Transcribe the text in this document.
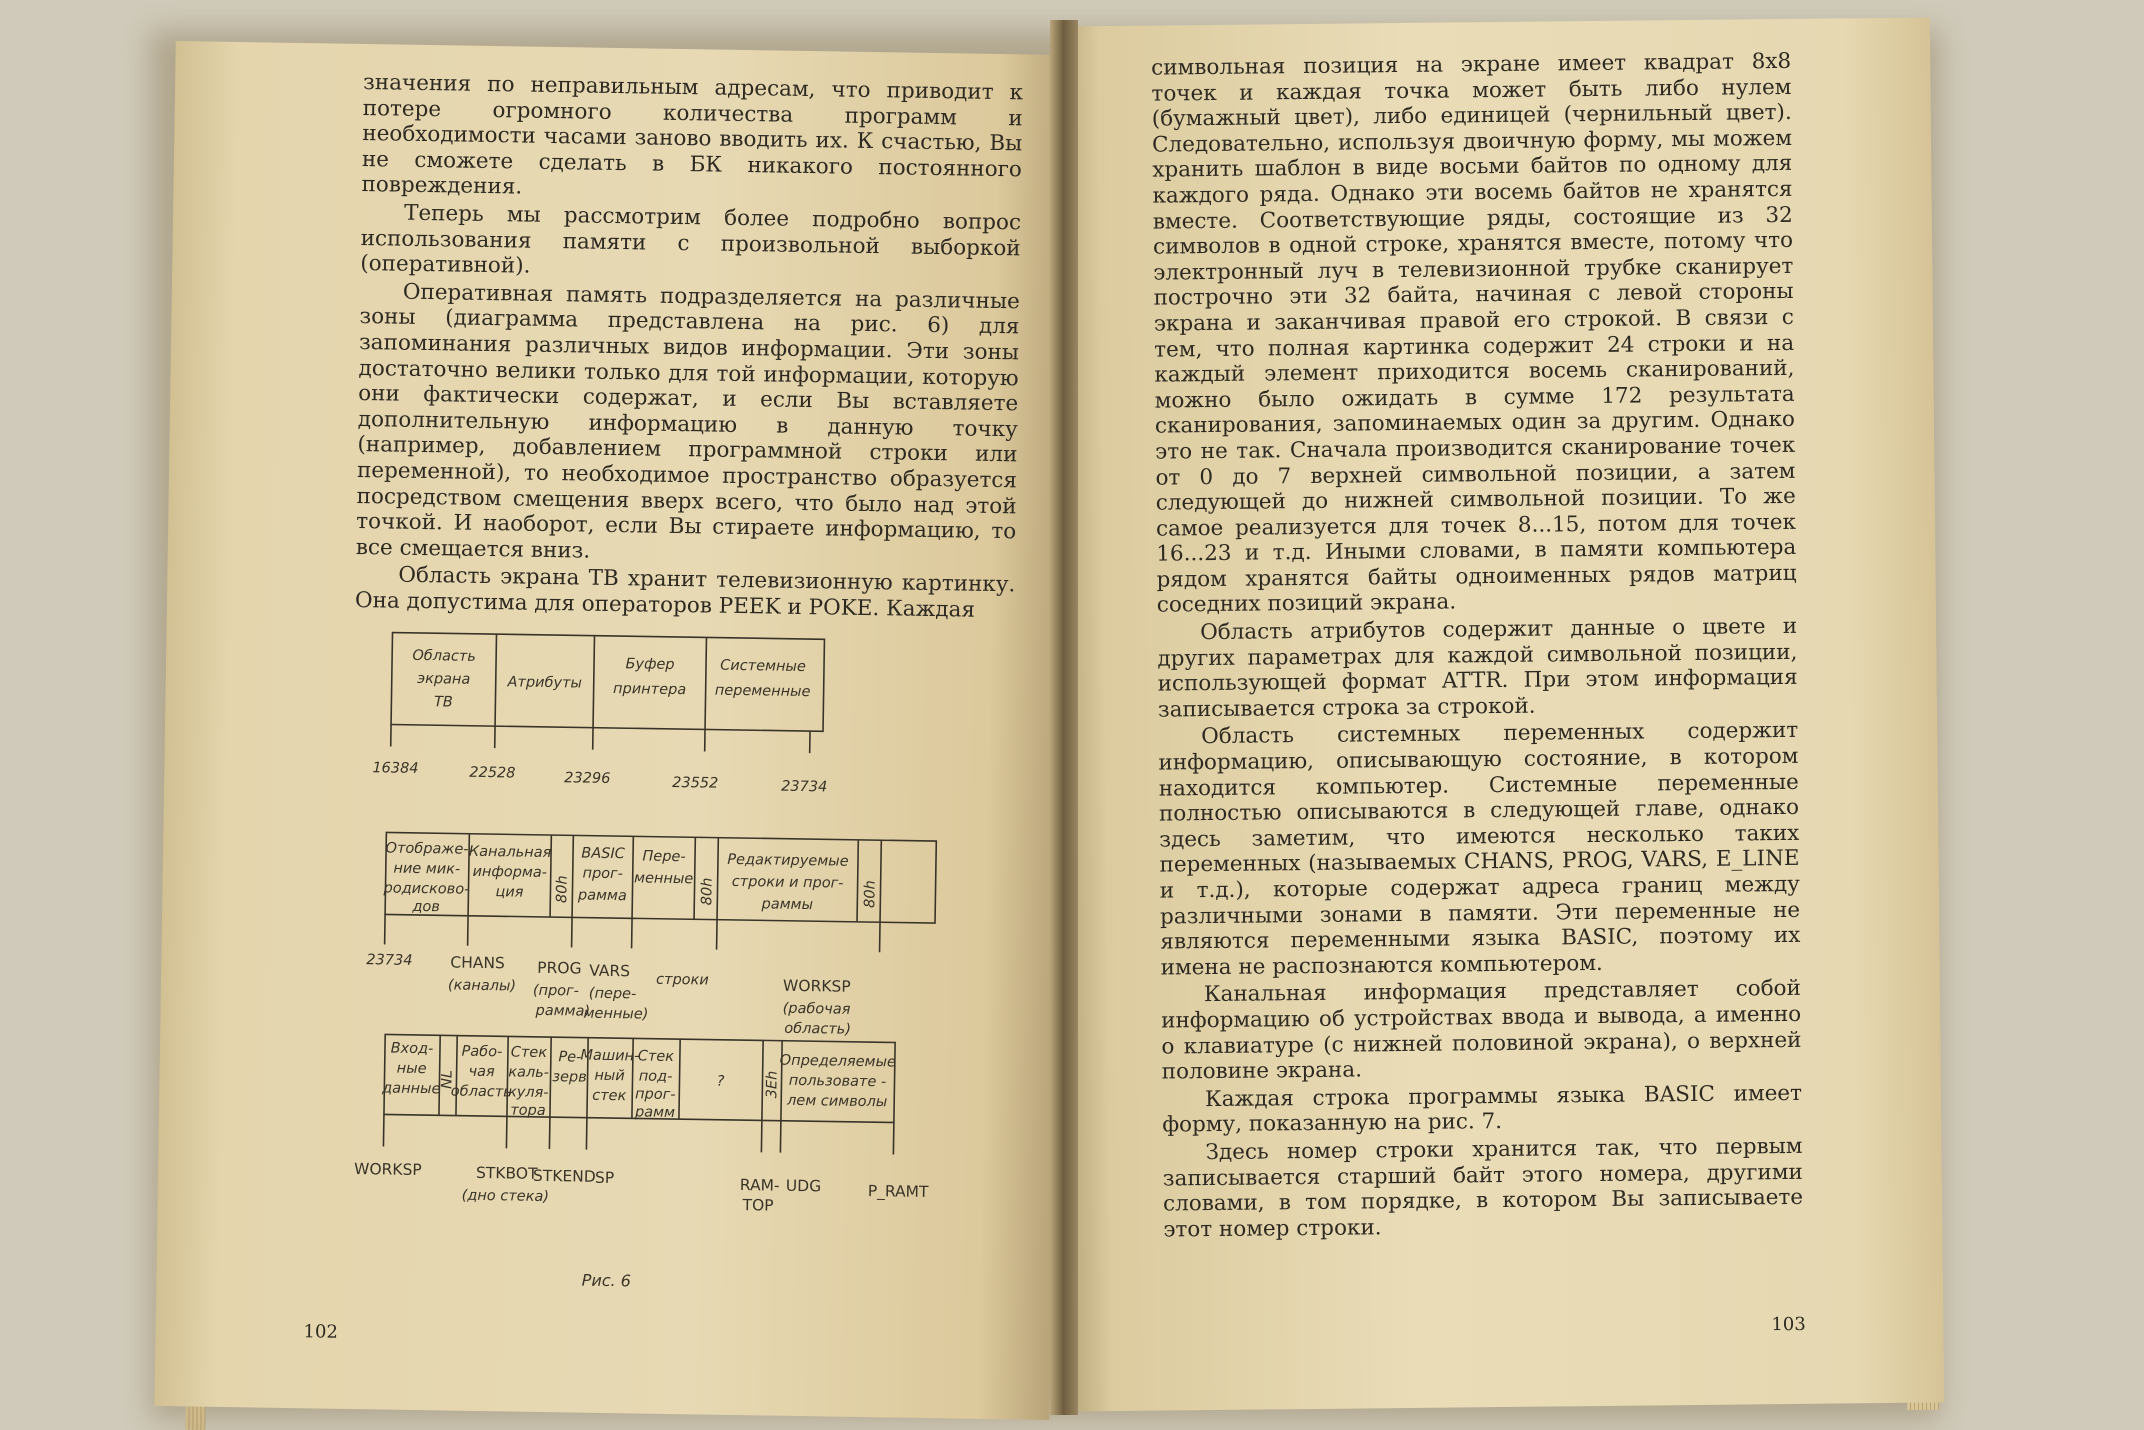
значения по неправильным адресам, что приводит к потере огромного количества программ и необходимости часами заново вводить их. К счастью, Вы не сможете сделать в БК никакого постоянного повреждения.

Теперь мы рассмотрим более подробно вопрос использования памяти с произвольной выборкой (оперативной).

Оперативная память подразделяется на различные зоны (диаграмма представлена на рис. 6) для запоминания различных видов информации. Эти зоны достаточно велики только для той информации, которую они фактически содержат, и если Вы вставляете дополнительную информацию в данную точку (например, добавлением программной строки или переменной), то необходимое пространство образуется посредством смещения вверх всего, что было над этой точкой. И наоборот, если Вы стираете информацию, то все смещается вниз.

Область экрана ТВ хранит телевизионную картинку. Она допустима для операторов PEEK и POKE. Каждая

Область
экрана
ТВ
Атрибуты
Буфер
принтера
Системные
переменные
16384	22528	23296	23552	23734
Отображе-
ние мик-
родисково-
дов
Канальная
информа-
ция 80h
BASIC
прог-
рамма
Пере-
менные 80h
Редактируемые
строки и прог-
раммы	80h
23734 CHANS
(каналы)
PROG
(прог-
рамма)
VARS
(пере-
менные)
строки	WORKSP
(рабочая
область)
Вход-
ные
данные
NL
Рабо-
чая
область
Стек
каль-
куля-
тора
Ре-
зерв
Машин-
ный
стек
Стек
под-
прог-
рамм
?	3Eh
Определяемые
пользовате -
лем символы
WORKSP	STKBOT
STKEND
SP
(дно стека)
RAM-
TOP
UDG	P_RAMT
Рис. 6
102

символьная позиция на экране имеет квадрат 8х8 точек и каждая точка может быть либо нулем (бумажный цвет), либо единицей (чернильный цвет). Следовательно, используя двоичную форму, мы можем хранить шаблон в виде восьми байтов по одному для каждого ряда. Однако эти восемь байтов не хранятся вместе. Соответствующие ряды, состоящие из 32 символов в одной строке, хранятся вместе, потому что электронный луч в телевизионной трубке сканирует построчно эти 32 байта, начиная с левой стороны экрана и заканчивая правой его строкой. В связи с тем, что полная картинка содержит 24 строки и на каждый элемент приходится восемь сканирований, можно было ожидать в сумме 172 результата сканирования, запоминаемых один за другим. Однако это не так. Сначала производится сканирование точек от 0 до 7 верхней символьной позиции, а затем следующей до нижней символьной позиции. То же самое реализуется для точек 8...15, потом для точек 16...23 и т.д. Иными словами, в памяти компьютера рядом хранятся байты одноименных рядов матриц соседних позиций экрана.

Область атрибутов содержит данные о цвете и других параметрах для каждой символьной позиции, использующей формат ATTR. При этом информация записывается строка за строкой.

Область системных переменных содержит информацию, описывающую состояние, в котором находится компьютер. Системные переменные полностью описываются в следующей главе, однако здесь заметим, что имеются несколько таких переменных (называемых CHANS, PROG, VARS, E_LINE и т.д.), которые содержат адреса границ между различными зонами в памяти. Эти переменные не являются переменными языка BASIC, поэтому их имена не распознаются компьютером.

Канальная информация представляет собой информацию об устройствах ввода и вывода, а именно о клавиатуре (с нижней половиной экрана), о верхней половине экрана.

Каждая строка программы языка BASIC имеет форму, показанную на рис. 7.

Здесь номер строки хранится так, что первым записывается старший байт этого номера, другими словами, в том порядке, в котором Вы записываете этот номер строки.

103
